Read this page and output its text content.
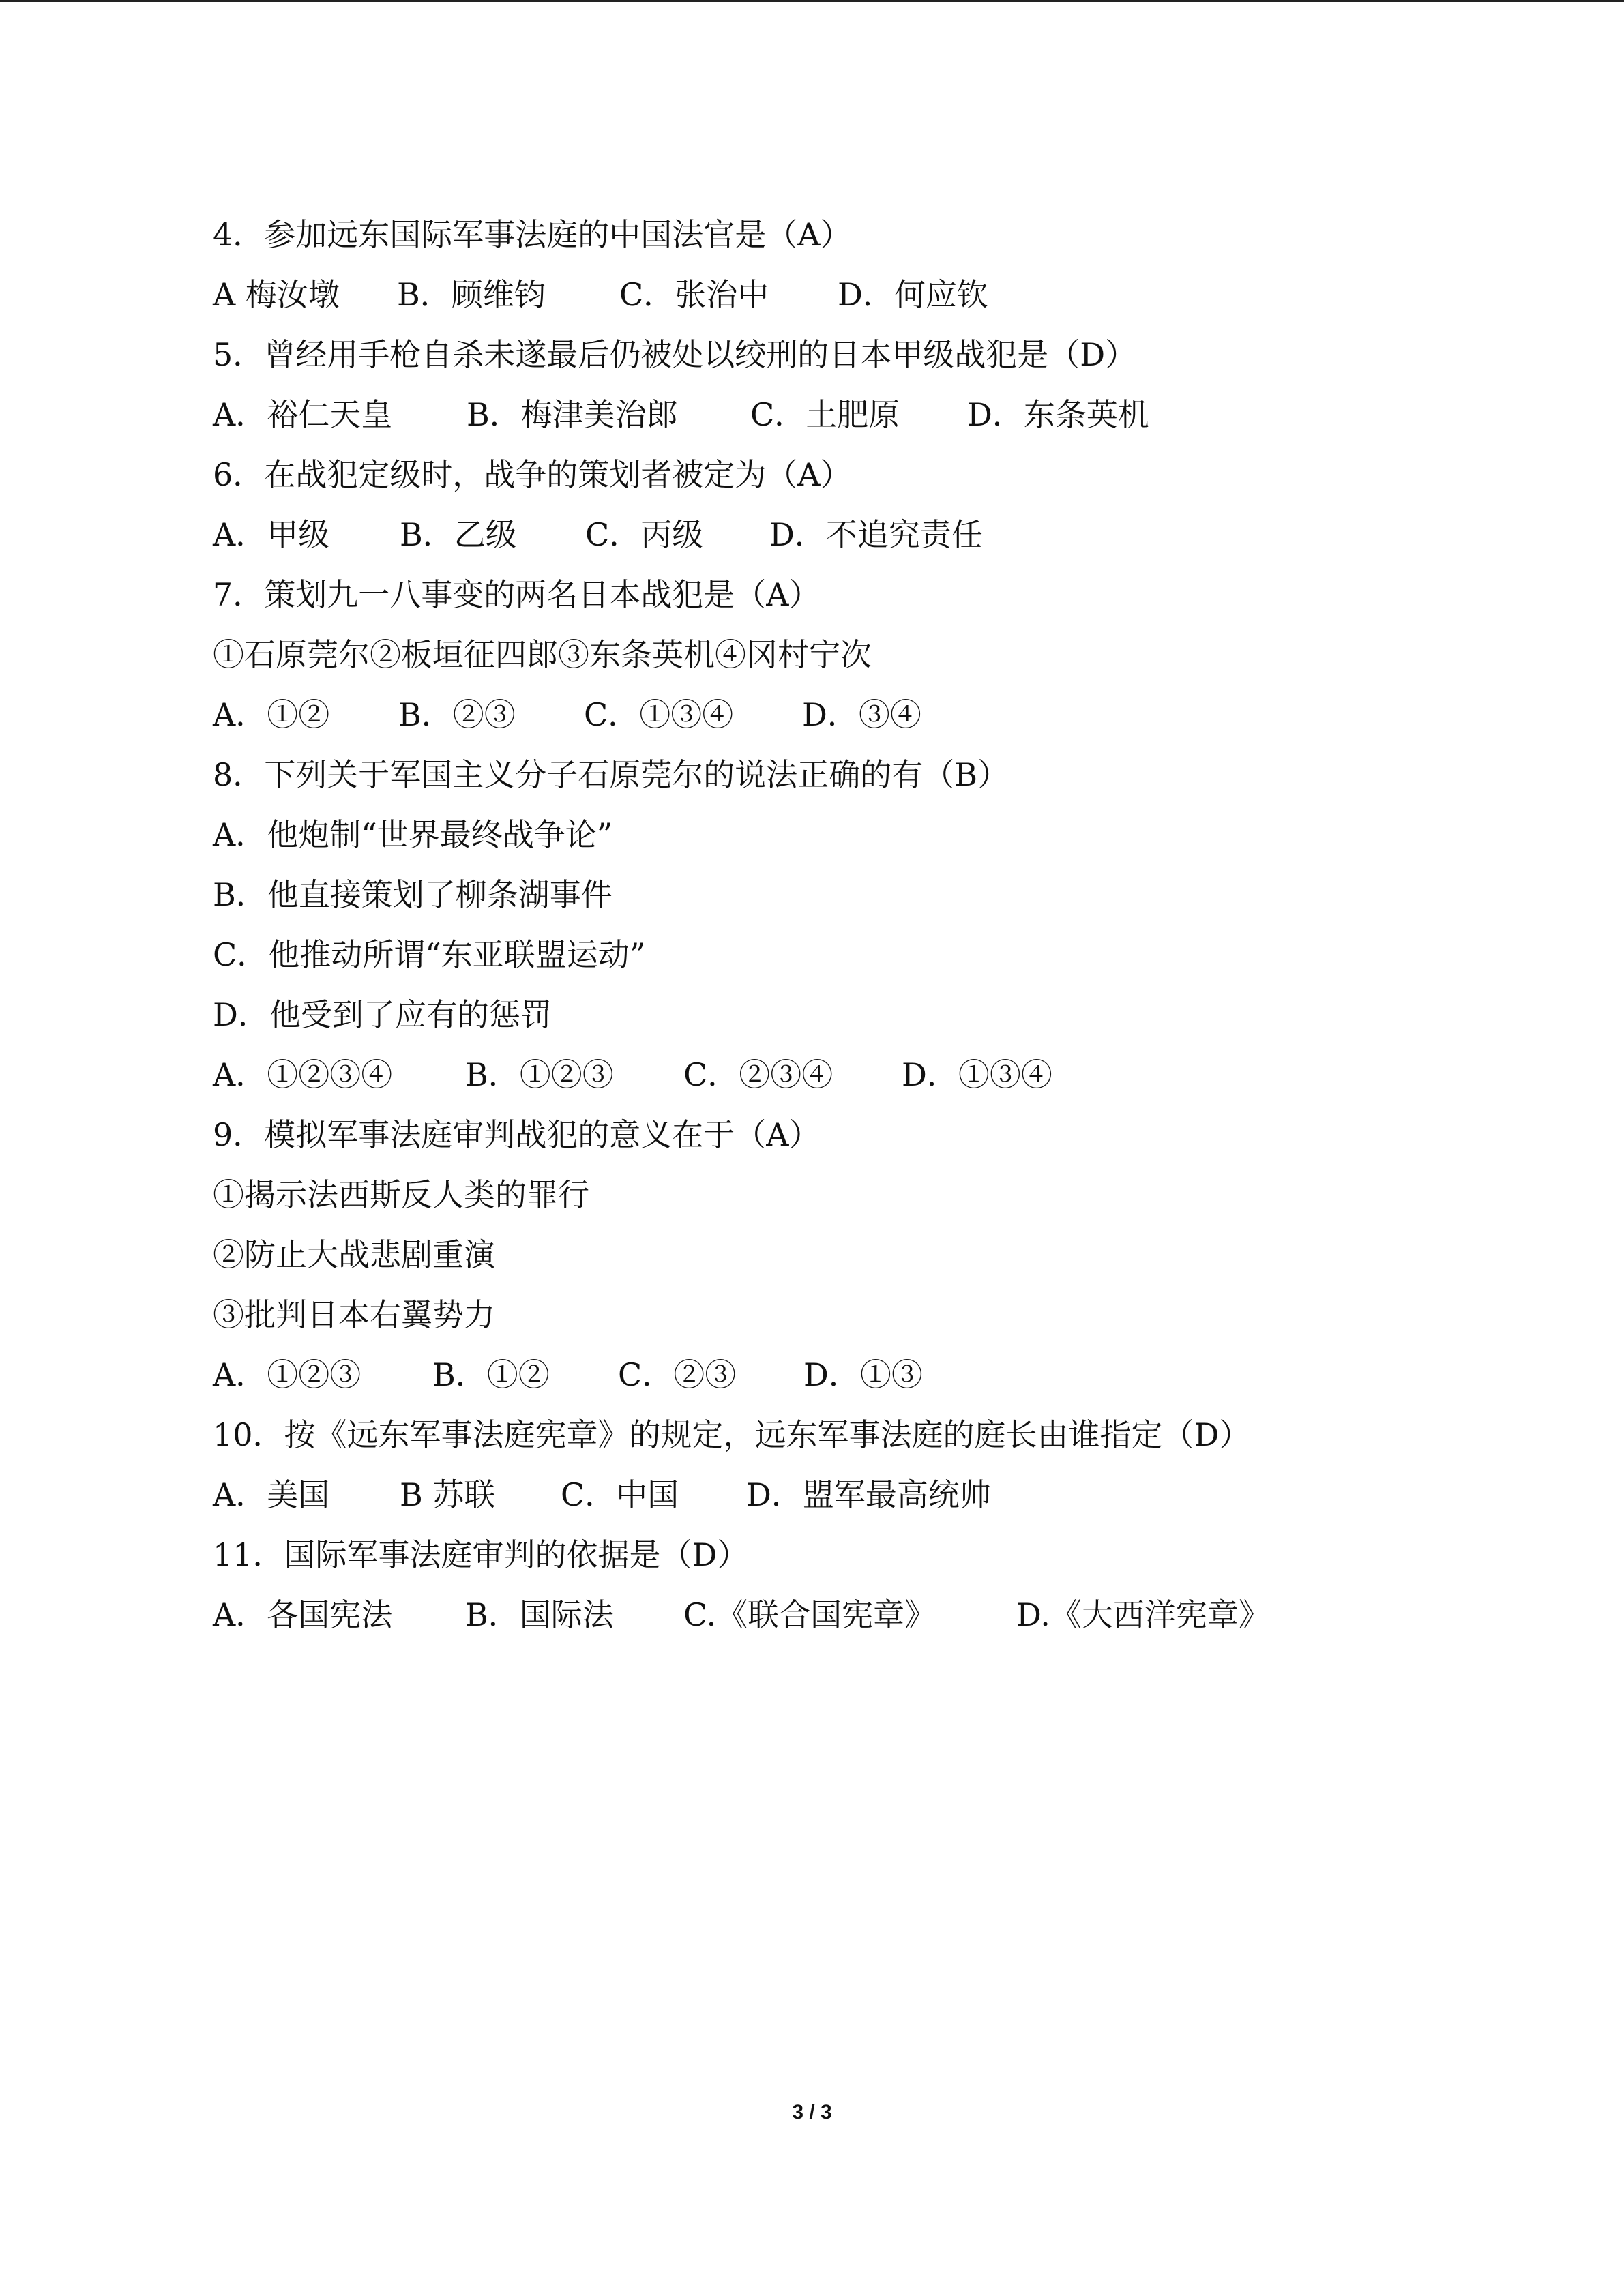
4．参加远东国际军事法庭的中国法官是（A）
A 梅汝墩	B．顾维钧	C．张治中	D．何应钦
5．曾经用手枪自杀未遂最后仍被处以绞刑的日本甲级战犯是（D）
A．裕仁天皇	B．梅津美治郎	C．土肥原	D．东条英机
6．在战犯定级时，战争的策划者被定为（A）
A．甲级	B．乙级	C．丙级	D．不追究责任
7．策划九一八事变的两名日本战犯是（A）
①石原莞尔②板垣征四郎③东条英机④冈村宁次
A．①②	B．②③	C．①③④	D．③④
8．下列关于军国主义分子石原莞尔的说法正确的有（B）
A．他炮制“世界最终战争论”
B．他直接策划了柳条湖事件
C．他推动所谓“东亚联盟运动”
D．他受到了应有的惩罚
A．①②③④	B．①②③	C．②③④	D．①③④
9．模拟军事法庭审判战犯的意义在于（A）
①揭示法西斯反人类的罪行
②防止大战悲剧重演
③批判日本右翼势力
A．①②③	B．①②	C．②③	D．①③
10．按《远东军事法庭宪章》的规定，远东军事法庭的庭长由谁指定（D）
A．美国	B 苏联	C．中国	D．盟军最高统帅
11．国际军事法庭审判的依据是（D）
A．各国宪法	B．国际法	C.《联合国宪章》	D.《大西洋宪章》
3 / 3
